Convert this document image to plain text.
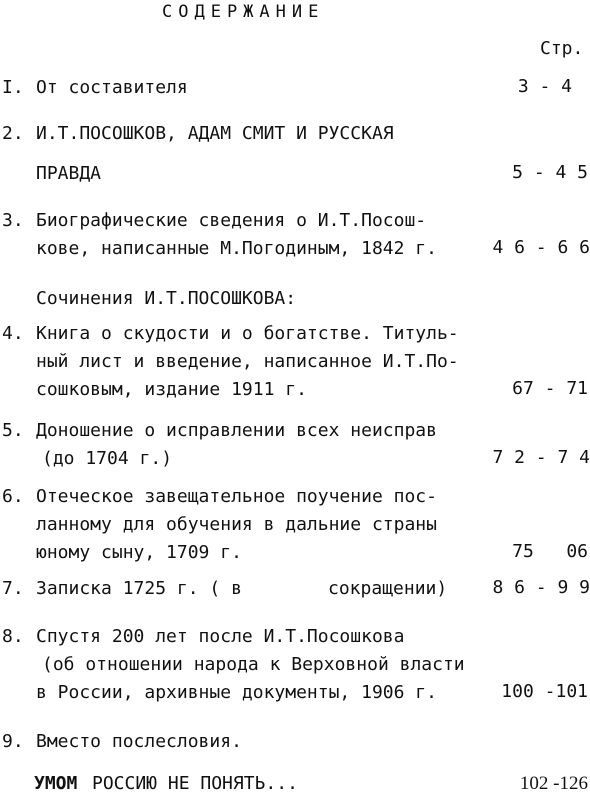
СОДЕРЖАНИЕ
Стр.
I. От составителя	3 - 4
2. И.Т.ПОСОШКОВ, АДАМ СМИТ И РУССКАЯ
ПРАВДА	5 - 4 5
3. Биографические сведения о И.Т.Посош-
кове, написанные М.Погодиным, 1842 г.	4 6 - 6 6
Сочинения И.Т.ПОСОШКОВА:
4. Книга о скудости и о богатстве. Титуль-
ный лист и введение, написанное И.Т.По-
сошковым, издание 1911 г.	67 - 71
5. Доношение о исправлении всех неисправ
(до 1704 г.)	7 2 - 7 4
6. Отеческое завещательное поучение пос-
ланному для обучения в дальние страны
юному сыну, 1709 г.	75   06
7. Записка 1725 г. ( в	сокращении)	8 6 - 9 9
8. Спустя 200 лет после И.Т.Посошкова
(об отношении народа к Верховной власти
в России, архивные документы, 1906 г.	100 -101
9. Вместо послесловия.
УМОМ РОССИЮ НЕ ПОНЯТЬ...	102 -126
